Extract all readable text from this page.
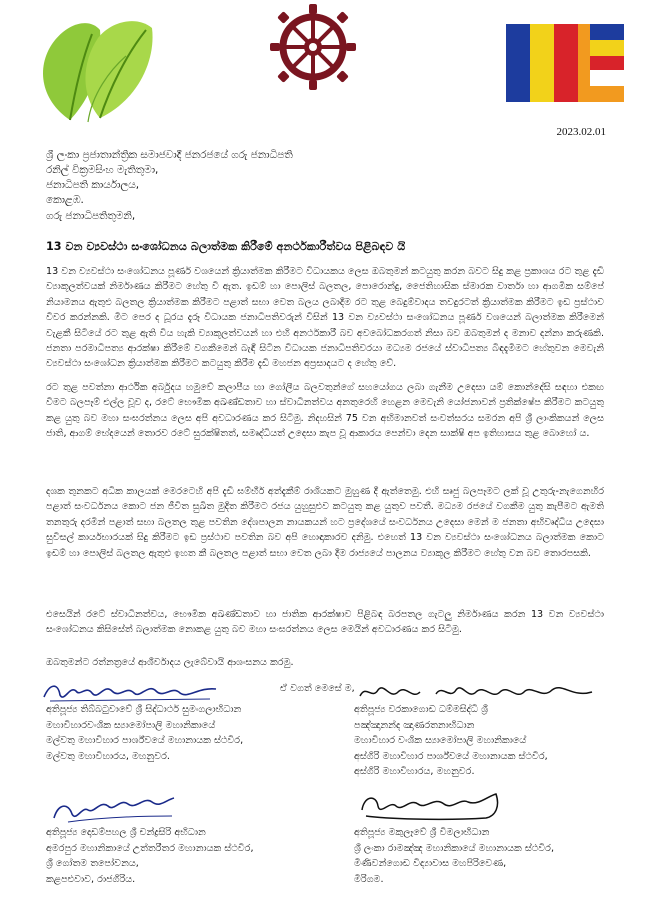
2023.02.01
ශ්‍රී ලංකා ප්‍රජාතාන්ත්‍රික සමාජවාදී ජනරජයේ ගරු ජනාධිපති
රනිල් වික්‍රමසිංහ මැතිතුමා,
ජනාධිපති කාර්යාලය,
කොළඹ.
ගරු ජනාධිපතිතුමනි,
13 වන ව්‍යවස්ථා සංශෝධනය බලාත්මක කිරීමේ අනර්ථකාරීත්වය පිළිබඳව යි
13 වන ව්‍යවස්ථා සංශෝධනය පූර්ණ වශයෙන් ක්‍රියාත්මක කිරීමට විධායකය ලෙස ඔබතුමන් කටයුතු කරන බවට සිදු කළ ප්‍රකාශය රට තුළ දැඩි ව්‍යාකූලත්වයක් නිර්මාණය කිරීමට හේතු වී ඇත. ඉඩම් හා පොලිස් බලතල, පොරොන්දු, ජෛතිහාසික ස්මාරක වාර්තා හා ආගමික සම්පේ නියාමනය ඇතුළු බලතල ක්‍රියාත්මක කිරීමට පළාත් සභා වෙත බලය ලබාදීම රට තුළ බෙදුම්වාදය තවදුරටත් ක්‍රියාත්මක කිරීමට ඉඩ ප්‍රස්ථාව විවර කරන්නකි. මීට පෙර ද ධූරය දැරූ විධායක ජනාධිපතිවරුන් විසින් 13 වන ව්‍යවස්ථා සංශෝධනය පූර්ණ වශයෙන් බලාත්මක කිරීමෙන් වැළකී සිටියේ රට තුළ ඇති විය හැකි ව්‍යාකූලත්වයන් හා එහි අනර්ථකාරී බව අවබෝධකරගත් නිසා බව ඔබතුමන් ද මනාව දන්නා කරුණකි. ජනතා පරමාධිපත්‍ය ආරක්ෂා කිරීමේ වගකීමෙන් බැඳී සිටින විධායක ජනාධිපතිවරයා මධ්‍යම රජයේ ස්වාධිපත්‍ය බිඳදැමීමට හේතුවන මෙවැනි ව්‍යවස්ථා සංශෝධන ක්‍රියාත්මක කිරීමට කටයුතු කිරීම දැඩි මහජන අප්‍රසාදයට ද හේතු වේ.
රට තුළ පවත්නා ආර්ථික අර්බුදය හමුවේ කලාපීය හා ගෝලීය බලවතුන්ගේ සහයෝගය ලබා ගැනීම උදෙසා යම් කොන්දේසි සඳහා එකඟ වීමට බලපෑම් එල්ල වූව ද, රටේ භෞමික අඛණ්ඩතාව හා ස්වාධීනත්වය අනතුරෙහි හෙළන මෙවැනි යෝජනාවන් ප්‍රතික්ෂේප කිරීමට කටයුතු කළ යුතු බව මහා සංඝරත්නය ලෙස අපි අවධාරණය කර සිටිමු. නිදහසින් 75 වන අභිමානවත් සංවත්සරය සමරන අපි ශ්‍රී ලාංකිකයන් ලෙස ජාති, ආගම් භේදයෙන් තොරව රටේ සුරක්ෂිතත්, සමෘද්ධියත් උදෙසා කැප වූ ආකාරය පෙන්වා දෙන සාක්ෂි අප ඉතිහාසය තුළ බොහෝ ය.
දශක තුනකට අධික කාලයක් මෙරටෙහි අපි දැඩි ඝම්භීර් අත්දැකීම් රාශියකට මුහුණ දී ඇත්තෙමු. එහි සෘජු බලපෑමට ලක් වූ උතුරු-නැගෙනහිර පළාත් සංවර්ධනය කොට ජන ජීවිත සුඛිත මුදිත කිරීමට රජය යුහුසුළුව කටයුතු කළ යුතුව පවතී. මධ්‍යම රජයේ වගකීම යුතු කැපීමට ඇමති තනතුරු දරමින් පළාත් සභා බලතල තුළ පවතින දේශපාලන නායකයන් හට ප්‍රදේශයේ සංවර්ධනය උදෙසා මෙන් ම ජනතා අභිවෘද්ධිය උදෙසා සුවිසල් කාර්යභාරයක් සිදු කිරීමට ඉඩ ප්‍රස්ථාව පවතින බව අපි හොඳාකාරව දනිමු. එහෙත් 13 වන ව්‍යවස්ථා සංශෝධනය බලාත්මක කොට ඉඩම් හා පොලිස් බලතල ඇතුළු ඉහත කී බලතල පළාත් සභා වෙත ලබා දීම රාජ්‍යයේ පාලනය ව්‍යාකූල කිරීමට හේතු වන බව තොරපසකි.
එසෙයින් රටේ ස්වාධීනත්වය, භෞමික අඛණ්ඩතාව හා ජාතික ආරක්ෂාව පිළිබඳ බරපතල ගැටලු නිර්මාණය කරන 13 වන ව්‍යවස්ථා සංශෝධනය කිසිසේත් බලාත්මක නොකළ යුතු බව මහා සංඝරත්නය ලෙස මෙයින් අවධාරණය කර සිටිමු.
ඔබතුමන්ට රත්නත්‍රයේ ආශීර්වාදය ලැබේවායි ආශංසනය කරමු.
ඒ වගත් මෙසේ ම,
අතිපූජ්‍ය තිබ්බටුවාවේ ශ්‍රී සිද්ධාර්ථ සුමංගලාභිධාන
මහාවිහාරවංශික ස්‍යාමෝපාලි මහානිකායේ
මල්වතු මහාවිහාර පාර්ශ්වයේ මහානායක ස්ථවිර,
මල්වතු මහාවිහාරය, මහනුවර.
අතිපූජ්‍ය වරකාගොඩ ධම්මසිද්ධි ශ්‍රී
පඤ්ඤානන්ද ඤාණරතනාභිධාන
මහාවිහාර වංශික ස්‍යාමෝපාලි මහානිකායේ
අස්ගිරි මහාවිහාර පාර්ශ්වයේ මහානායක ස්ථවිර,
අස්ගිරි මහාවිහාරය, මහනුවර.
අතිපූජ්‍ය දොඩම්පහල ශ්‍රී චන්ද්‍රසිරි අභිධාන
අමරපුර මහානිකායේ උත්තරීතර මහානායක ස්ථවිර,
ශ්‍රී ගෝතම තපෝවනය,
කළපළුවාව, රාජගිරිය.
අතිපූජ්‍ය මකුලෑවේ ශ්‍රී විමලාභිධාන
ශ්‍රී ලංකා රාමඤ්ඤ මහානිකායේ මහානායක ස්ථවිර,
මිණිවන්ගොඩ විද්‍යාවාස මහපිරිවෙණ,
මිරිගම.
